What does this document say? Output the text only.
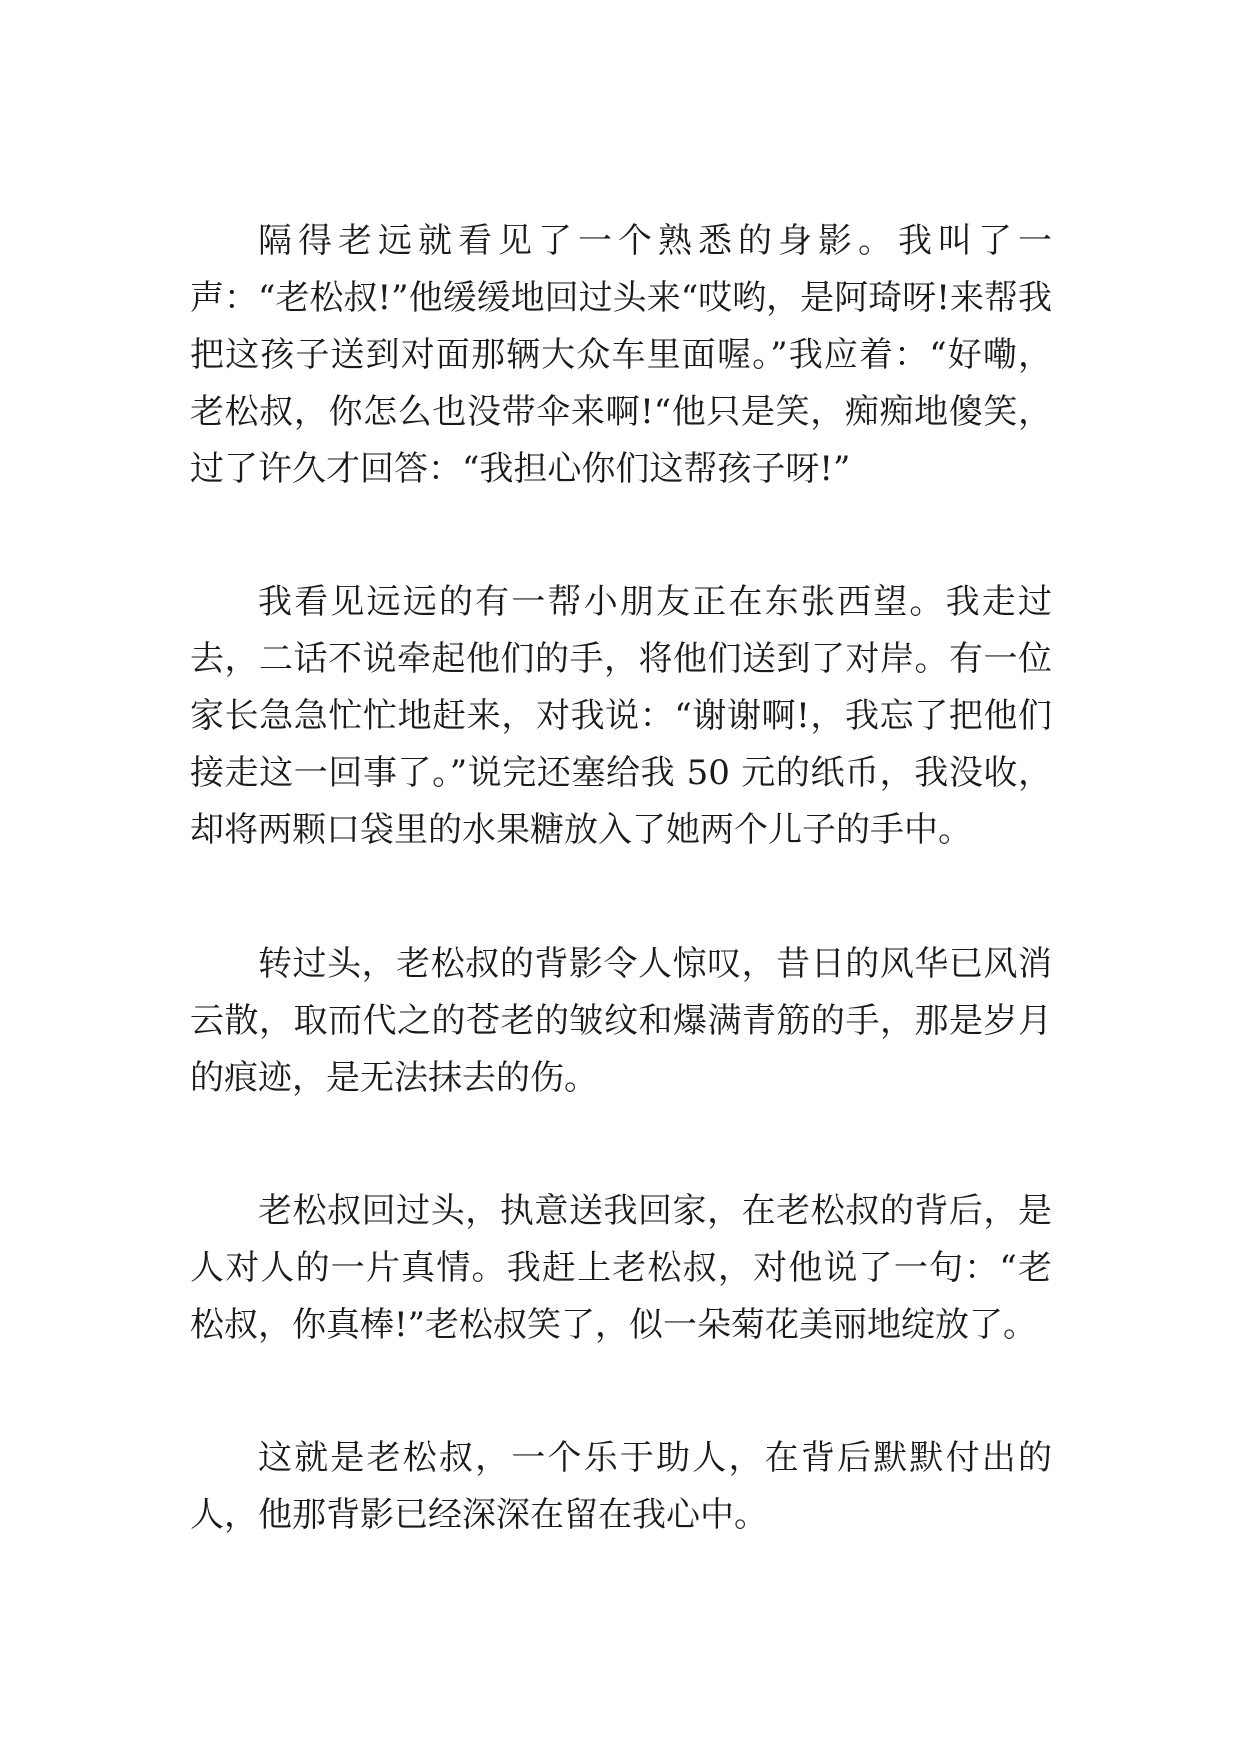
隔得老远就看见了一个熟悉的身影。我叫了一声：“老松叔!”他缓缓地回过头来“哎哟，是阿琦呀!来帮我把这孩子送到对面那辆大众车里面喔。”我应着：“好嘞，老松叔，你怎么也没带伞来啊!“他只是笑，痴痴地傻笑，过了许久才回答：“我担心你们这帮孩子呀!”

我看见远远的有一帮小朋友正在东张西望。我走过去，二话不说牵起他们的手，将他们送到了对岸。有一位家长急急忙忙地赶来，对我说：“谢谢啊!，我忘了把他们接走这一回事了。”说完还塞给我 50 元的纸币，我没收，却将两颗口袋里的水果糖放入了她两个儿子的手中。

转过头，老松叔的背影令人惊叹，昔日的风华已风消云散，取而代之的苍老的皱纹和爆满青筋的手，那是岁月的痕迹，是无法抹去的伤。

老松叔回过头，执意送我回家，在老松叔的背后，是人对人的一片真情。我赶上老松叔，对他说了一句：“老松叔，你真棒!”老松叔笑了，似一朵菊花美丽地绽放了。

这就是老松叔，一个乐于助人，在背后默默付出的人，他那背影已经深深在留在我心中。
